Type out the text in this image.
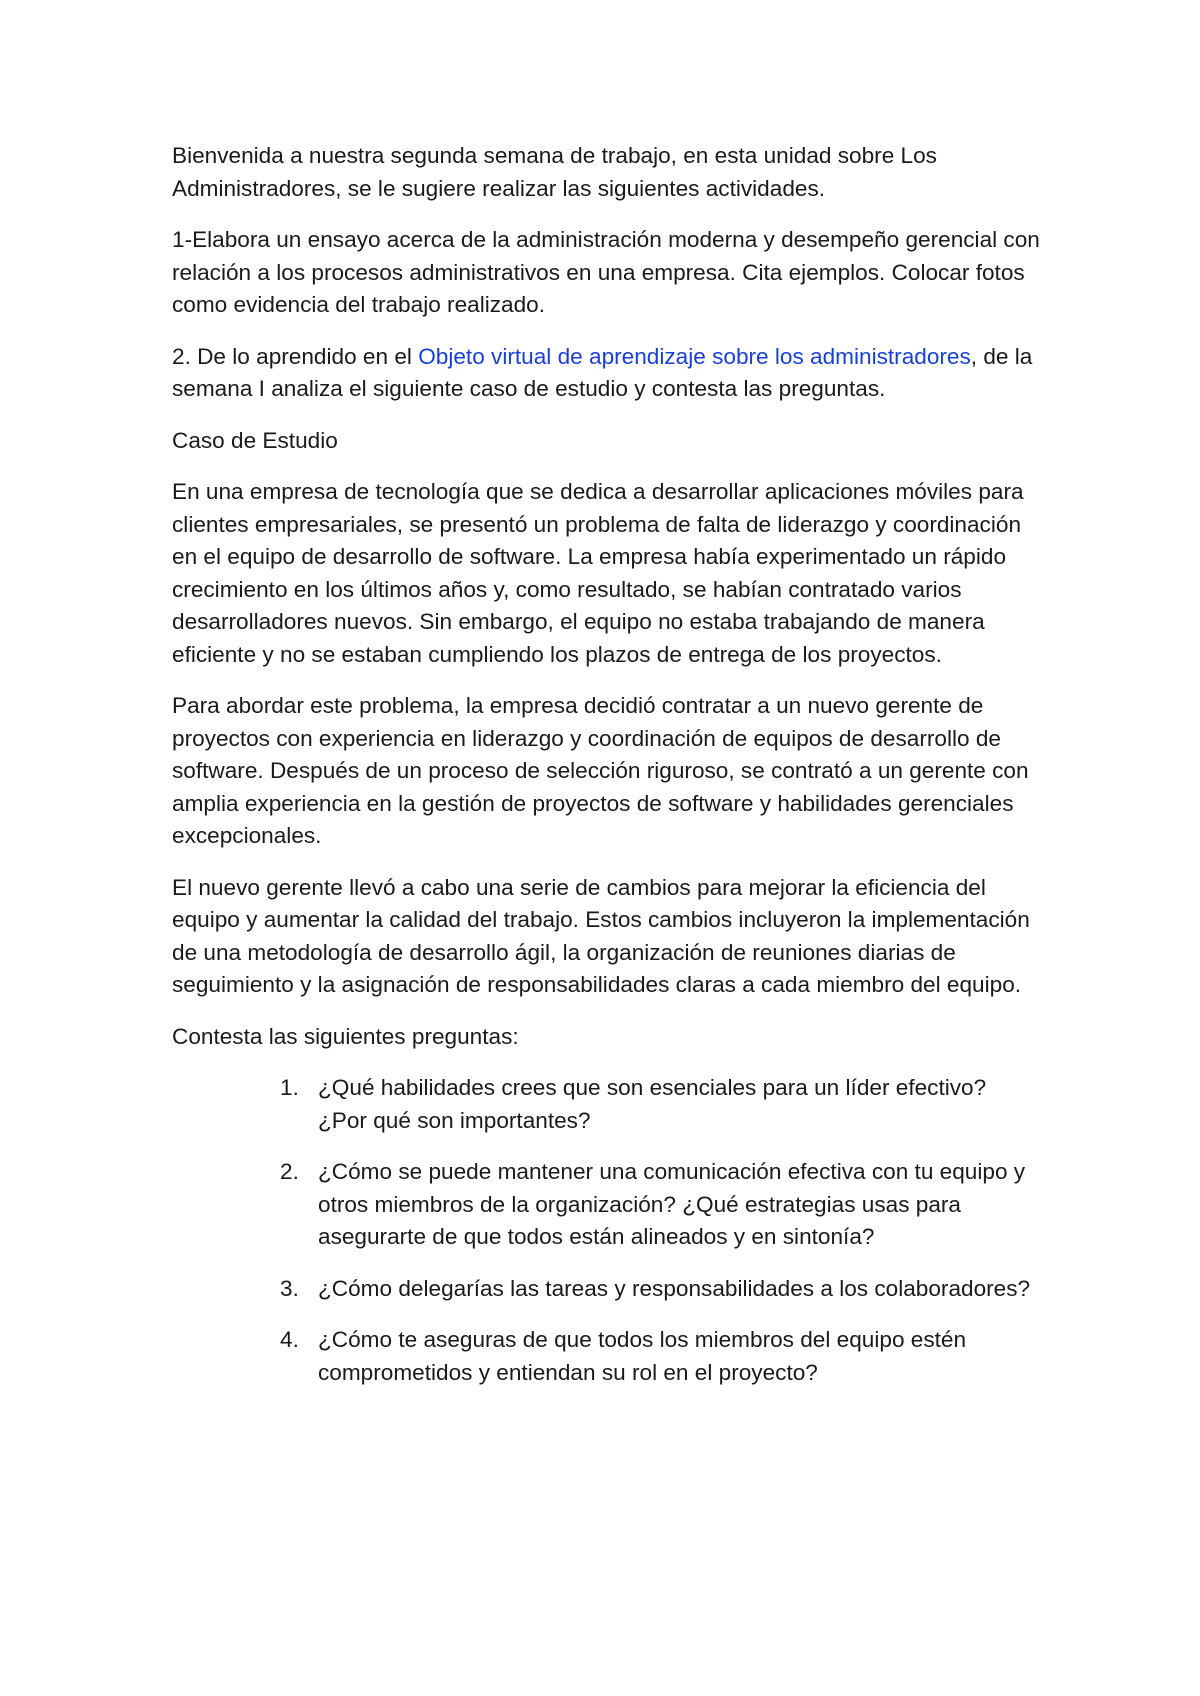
Bienvenida a nuestra segunda semana de trabajo, en esta unidad sobre Los Administradores, se le sugiere realizar las siguientes actividades.

1-Elabora un ensayo acerca de la administración moderna y desempeño gerencial con relación a los procesos administrativos en una empresa. Cita ejemplos. Colocar fotos como evidencia del trabajo realizado.

2. De lo aprendido en el Objeto virtual de aprendizaje sobre los administradores, de la semana I analiza el siguiente caso de estudio y contesta las preguntas.

Caso de Estudio

En una empresa de tecnología que se dedica a desarrollar aplicaciones móviles para clientes empresariales, se presentó un problema de falta de liderazgo y coordinación en el equipo de desarrollo de software. La empresa había experimentado un rápido crecimiento en los últimos años y, como resultado, se habían contratado varios desarrolladores nuevos. Sin embargo, el equipo no estaba trabajando de manera eficiente y no se estaban cumpliendo los plazos de entrega de los proyectos.

Para abordar este problema, la empresa decidió contratar a un nuevo gerente de proyectos con experiencia en liderazgo y coordinación de equipos de desarrollo de software. Después de un proceso de selección riguroso, se contrató a un gerente con amplia experiencia en la gestión de proyectos de software y habilidades gerenciales excepcionales.

El nuevo gerente llevó a cabo una serie de cambios para mejorar la eficiencia del equipo y aumentar la calidad del trabajo. Estos cambios incluyeron la implementación de una metodología de desarrollo ágil, la organización de reuniones diarias de seguimiento y la asignación de responsabilidades claras a cada miembro del equipo.

Contesta las siguientes preguntas:

1. ¿Qué habilidades crees que son esenciales para un líder efectivo? ¿Por qué son importantes?
2. ¿Cómo se puede mantener una comunicación efectiva con tu equipo y otros miembros de la organización? ¿Qué estrategias usas para asegurarte de que todos están alineados y en sintonía?
3. ¿Cómo delegarías las tareas y responsabilidades a los colaboradores?
4. ¿Cómo te aseguras de que todos los miembros del equipo estén comprometidos y entiendan su rol en el proyecto?
